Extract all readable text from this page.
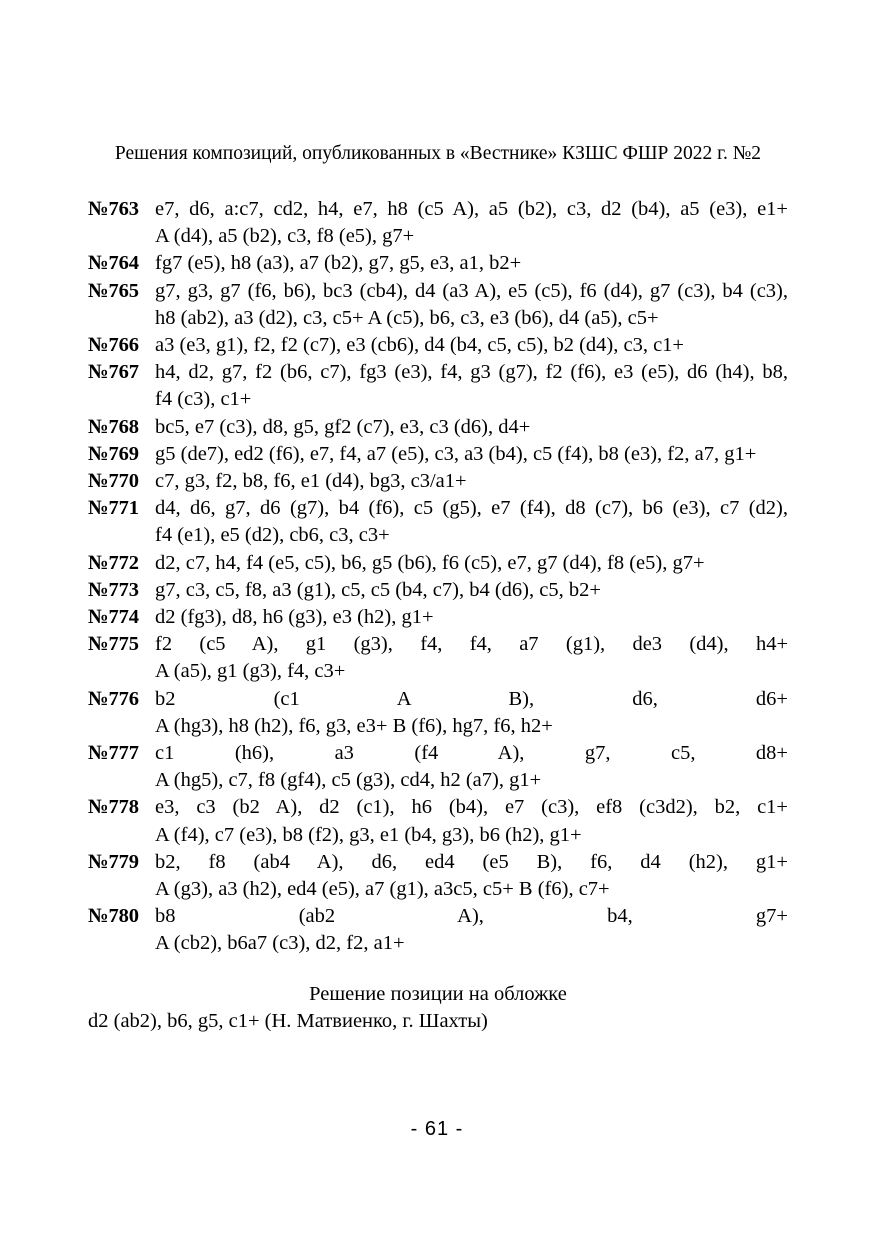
Решения композиций, опубликованных в «Вестнике» КЗШС ФШР 2022 г. №2
№763 e7, d6, a:c7, cd2, h4, e7, h8 (c5 A), a5 (b2), c3, d2 (b4), a5 (e3), e1+
A (d4), a5 (b2), c3, f8 (e5), g7+
№764 fg7 (e5), h8 (a3), a7 (b2), g7, g5, e3, a1, b2+
№765 g7, g3, g7 (f6, b6), bc3 (cb4), d4 (a3 A), e5 (c5), f6 (d4), g7 (c3), b4 (c3),
h8 (ab2), a3 (d2), c3, c5+ A (c5), b6, c3, e3 (b6), d4 (a5), c5+
№766 a3 (e3, g1), f2, f2 (c7), e3 (cb6), d4 (b4, c5, c5), b2 (d4), c3, c1+
№767 h4, d2, g7, f2 (b6, c7), fg3 (e3), f4, g3 (g7), f2 (f6), e3 (e5), d6 (h4), b8,
f4 (c3), c1+
№768 bc5, e7 (c3), d8, g5, gf2 (c7), e3, c3 (d6), d4+
№769 g5 (de7), ed2 (f6), e7, f4, a7 (e5), c3, a3 (b4), c5 (f4), b8 (e3), f2, a7, g1+
№770 c7, g3, f2, b8, f6, e1 (d4), bg3, c3/a1+
№771 d4, d6, g7, d6 (g7), b4 (f6), c5 (g5), e7 (f4), d8 (c7), b6 (e3), c7 (d2),
f4 (e1), e5 (d2), cb6, c3, c3+
№772 d2, c7, h4, f4 (e5, c5), b6, g5 (b6), f6 (c5), e7, g7 (d4), f8 (e5), g7+
№773 g7, c3, c5, f8, a3 (g1), c5, c5 (b4, c7), b4 (d6), c5, b2+
№774 d2 (fg3), d8, h6 (g3), e3 (h2), g1+
№775 f2 (c5 A), g1 (g3), f4, f4, a7 (g1), de3 (d4), h4+
A (a5), g1 (g3), f4, c3+
№776 b2 (c1 A B), d6, d6+
A (hg3), h8 (h2), f6, g3, e3+ B (f6), hg7, f6, h2+
№777 c1 (h6), a3 (f4 A), g7, c5, d8+
A (hg5), c7, f8 (gf4), c5 (g3), cd4, h2 (a7), g1+
№778 e3, c3 (b2 A), d2 (c1), h6 (b4), e7 (c3), ef8 (c3d2), b2, c1+
A (f4), c7 (e3), b8 (f2), g3, e1 (b4, g3), b6 (h2), g1+
№779 b2, f8 (ab4 A), d6, ed4 (e5 B), f6, d4 (h2), g1+
A (g3), a3 (h2), ed4 (e5), a7 (g1), a3c5, c5+ B (f6), c7+
№780 b8 (ab2 A), b4, g7+
A (cb2), b6a7 (c3), d2, f2, a1+
Решение позиции на обложке
d2 (ab2), b6, g5, c1+ (Н. Матвиенко, г. Шахты)
- 61 -
